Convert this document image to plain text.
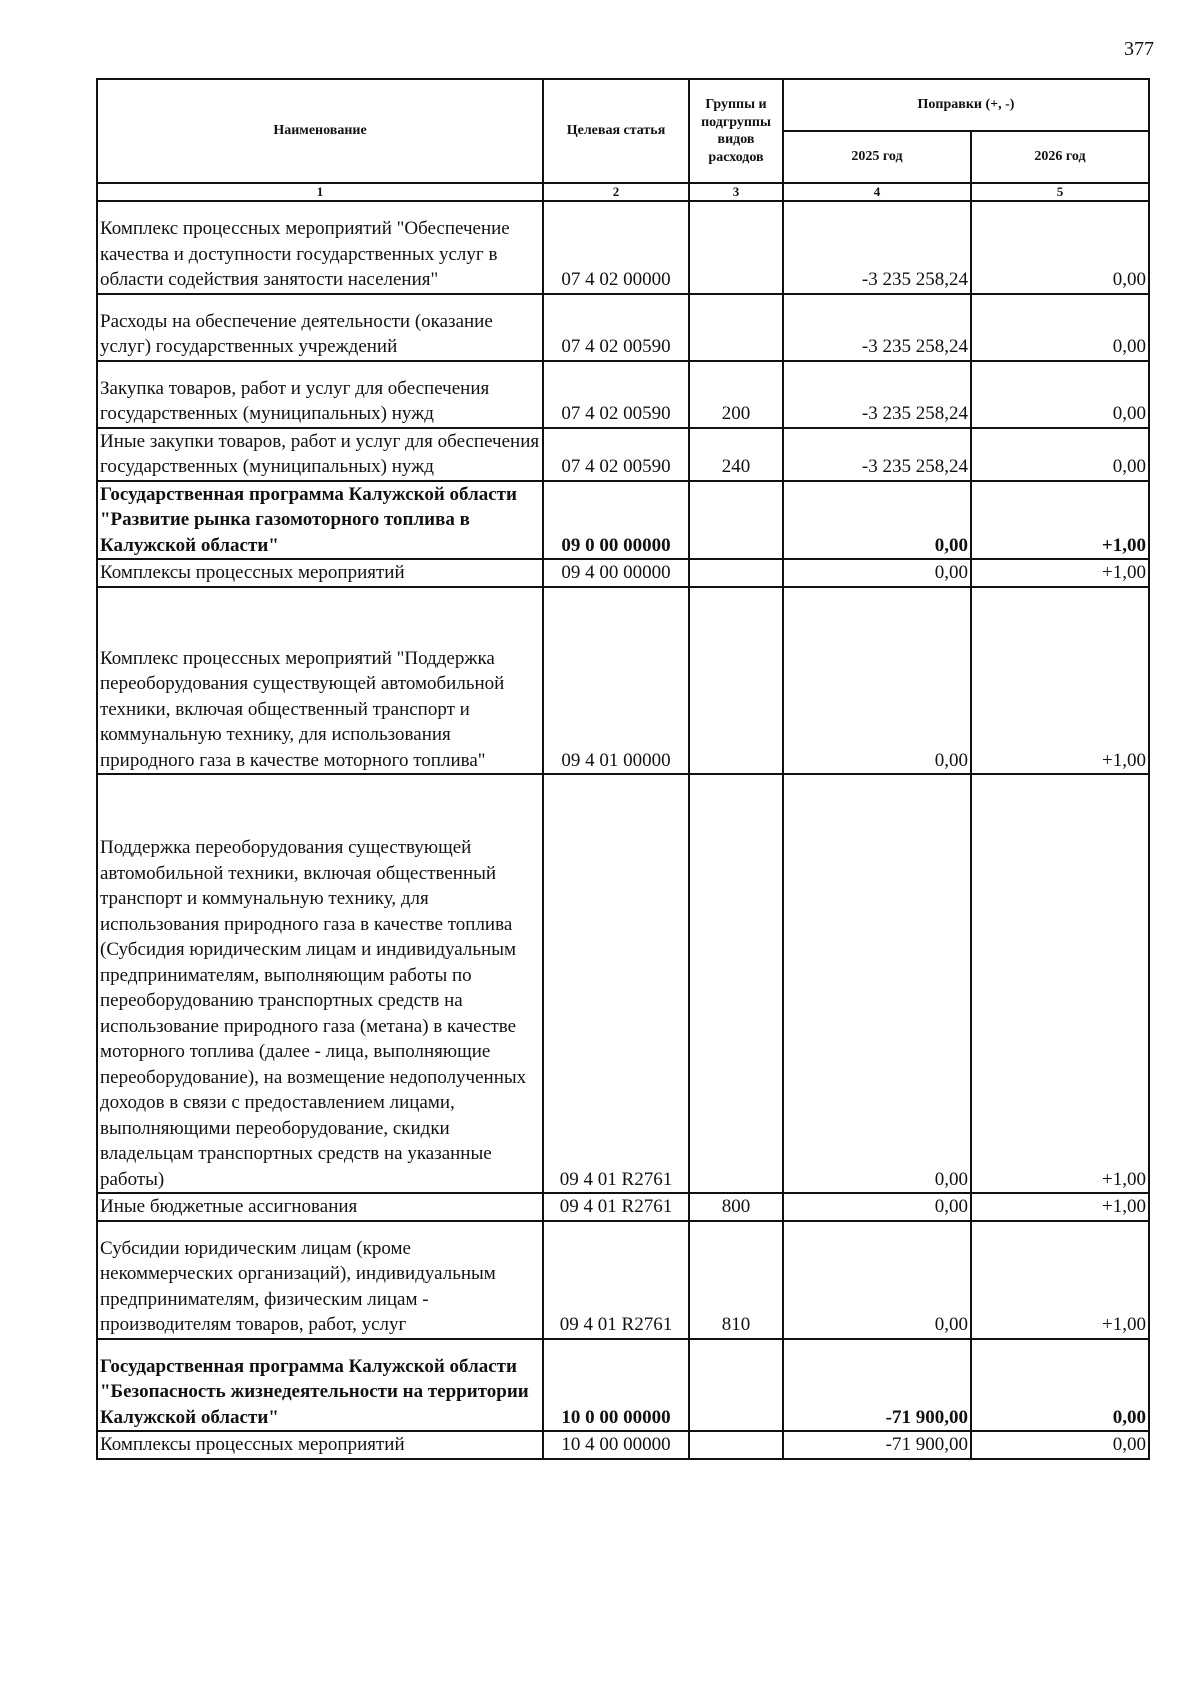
377
Наименование	Целевая статья	Группы и подгруппы видов расходов	Поправки (+, -)	
			2025 год	2026 год
1	2	3	4	5
Комплекс процессных мероприятий "Обеспечение качества и доступности государственных услуг в области содействия занятости населения"	07 4 02 00000		-3 235 258,24	0,00
Расходы на обеспечение деятельности (оказание услуг) государственных учреждений	07 4 02 00590		-3 235 258,24	0,00
Закупка товаров, работ и услуг для обеспечения государственных (муниципальных) нужд	07 4 02 00590	200	-3 235 258,24	0,00
Иные закупки товаров, работ и услуг для обеспечения государственных (муниципальных) нужд	07 4 02 00590	240	-3 235 258,24	0,00
Государственная программа Калужской области "Развитие рынка газомоторного топлива в Калужской области"	09 0 00 00000		0,00	+1,00
Комплексы процессных мероприятий	09 4 00 00000		0,00	+1,00
Комплекс процессных мероприятий "Поддержка переоборудования существующей автомобильной техники, включая общественный транспорт и коммунальную технику, для использования природного газа в качестве моторного топлива"	09 4 01 00000		0,00	+1,00
Поддержка переоборудования существующей автомобильной техники, включая общественный транспорт и коммунальную технику, для использования природного газа в качестве топлива (Субсидия юридическим лицам и индивидуальным предпринимателям, выполняющим работы по переоборудованию транспортных средств на использование природного газа (метана) в качестве моторного топлива (далее - лица, выполняющие переоборудование), на возмещение недополученных доходов в связи с предоставлением лицами, выполняющими переоборудование, скидки владельцам транспортных средств на указанные работы)	09 4 01 R2761		0,00	+1,00
Иные бюджетные ассигнования	09 4 01 R2761	800	0,00	+1,00
Субсидии юридическим лицам (кроме некоммерческих организаций), индивидуальным предпринимателям, физическим лицам - производителям товаров, работ, услуг	09 4 01 R2761	810	0,00	+1,00
Государственная программа Калужской области "Безопасность жизнедеятельности на территории Калужской области"	10 0 00 00000		-71 900,00	0,00
Комплексы процессных мероприятий	10 4 00 00000		-71 900,00	0,00
